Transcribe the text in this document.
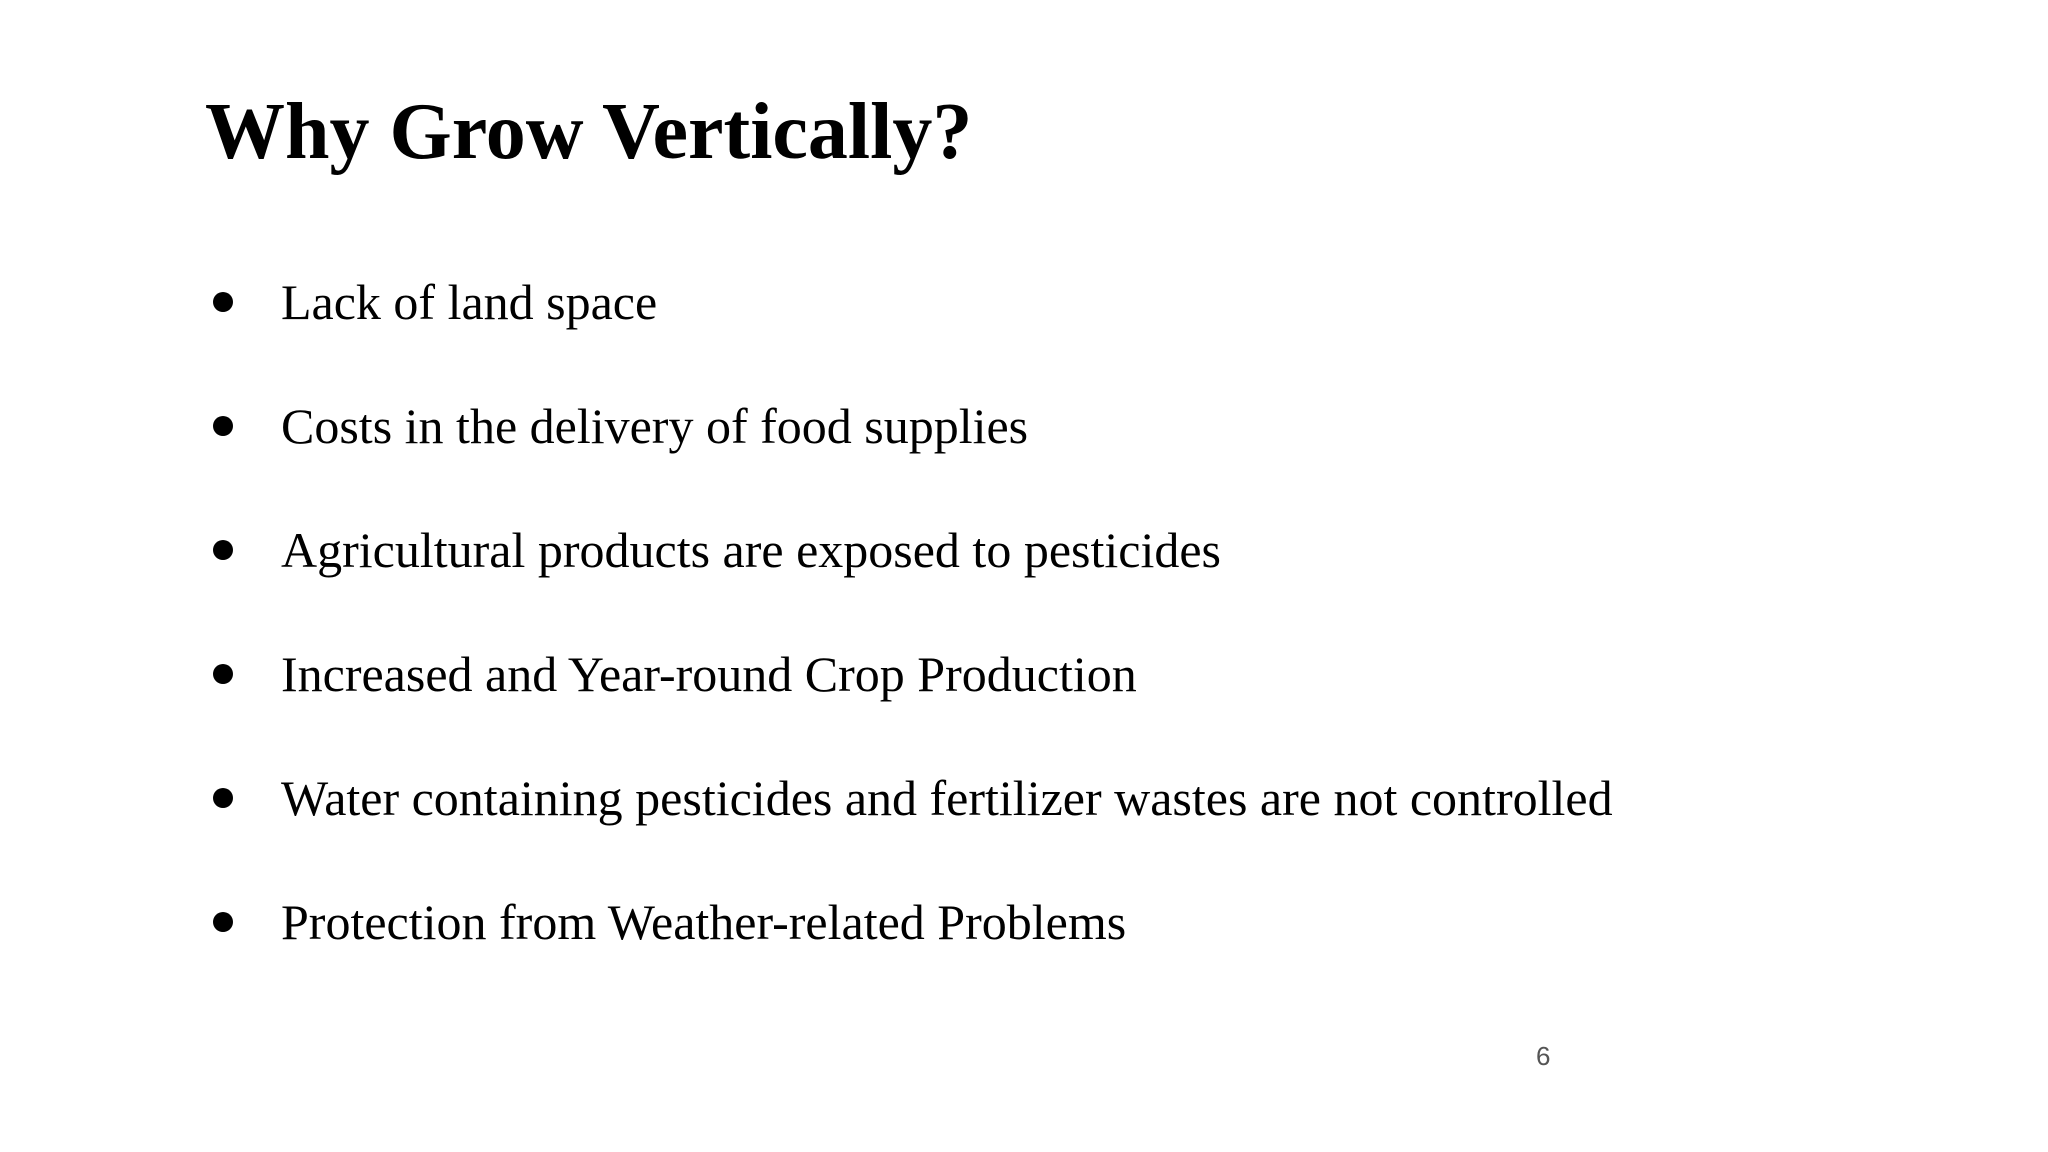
Why Grow Vertically?
Lack of land space
Costs in the delivery of food supplies
Agricultural products are exposed to pesticides
Increased and Year-round Crop Production
Water containing pesticides and fertilizer wastes are not controlled
Protection from Weather-related Problems
6
